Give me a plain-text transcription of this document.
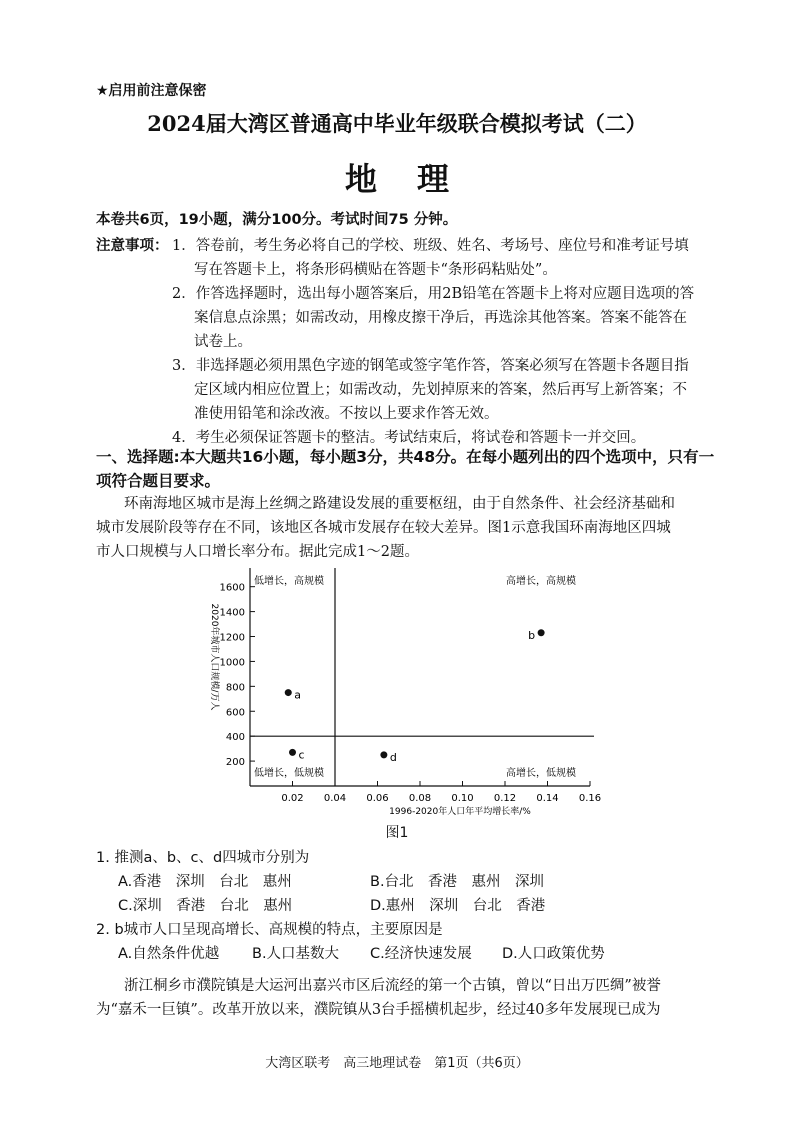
★启用前注意保密
2024届大湾区普通高中毕业年级联合模拟考试（二）
地理
本卷共6页，19小题，满分100分。考试时间75 分钟。
注意事项： 1．答卷前，考生务必将自己的学校、班级、姓名、考场号、座位号和准考证号填
写在答题卡上，将条形码横贴在答题卡“条形码粘贴处”。
2．作答选择题时，选出每小题答案后，用2B铅笔在答题卡上将对应题目选项的答
案信息点涂黑；如需改动，用橡皮擦干净后，再选涂其他答案。答案不能答在
试卷上。
3．非选择题必须用黑色字迹的钢笔或签字笔作答，答案必须写在答题卡各题目指
定区域内相应位置上；如需改动，先划掉原来的答案，然后再写上新答案；不
准使用铅笔和涂改液。不按以上要求作答无效。
4．考生必须保证答题卡的整洁。考试结束后，将试卷和答题卡一并交回。
一、选择题:本大题共16小题，每小题3分，共48分。在每小题列出的四个选项中，只有一
项符合题目要求。
环南海地区城市是海上丝绸之路建设发展的重要枢纽，由于自然条件、社会经济基础和
城市发展阶段等存在不同，该地区各城市发展存在较大差异。图1示意我国环南海地区四城
市人口规模与人口增长率分布。据此完成1～2题。
0.02 0.04 0.06 0.08 0.10 0.12 0.14 0.16
200
400
600
800
1000
1200
1400
1600
1996-2020年人口年平均增长率/%
2020年城市人口规模/万人
低增长，高规模	高增长，高规模
低增长，低规模	高增长，低规模
a
b
c	d
图1
1. 推测a、b、c、d四城市分别为
A.香港　深圳　台北　惠州	B.台北　香港　惠州　深圳
C.深圳　香港　台北　惠州	D.惠州　深圳　台北　香港
2. b城市人口呈现高增长、高规模的特点，主要原因是
A.自然条件优越 B.人口基数大 C.经济快速发展 D.人口政策优势
浙江桐乡市濮院镇是大运河出嘉兴市区后流经的第一个古镇，曾以“日出万匹绸”被誉
为“嘉禾一巨镇”。改革开放以来，濮院镇从3台手摇横机起步，经过40多年发展现已成为
大湾区联考　高三地理试卷　第1页（共6页）
